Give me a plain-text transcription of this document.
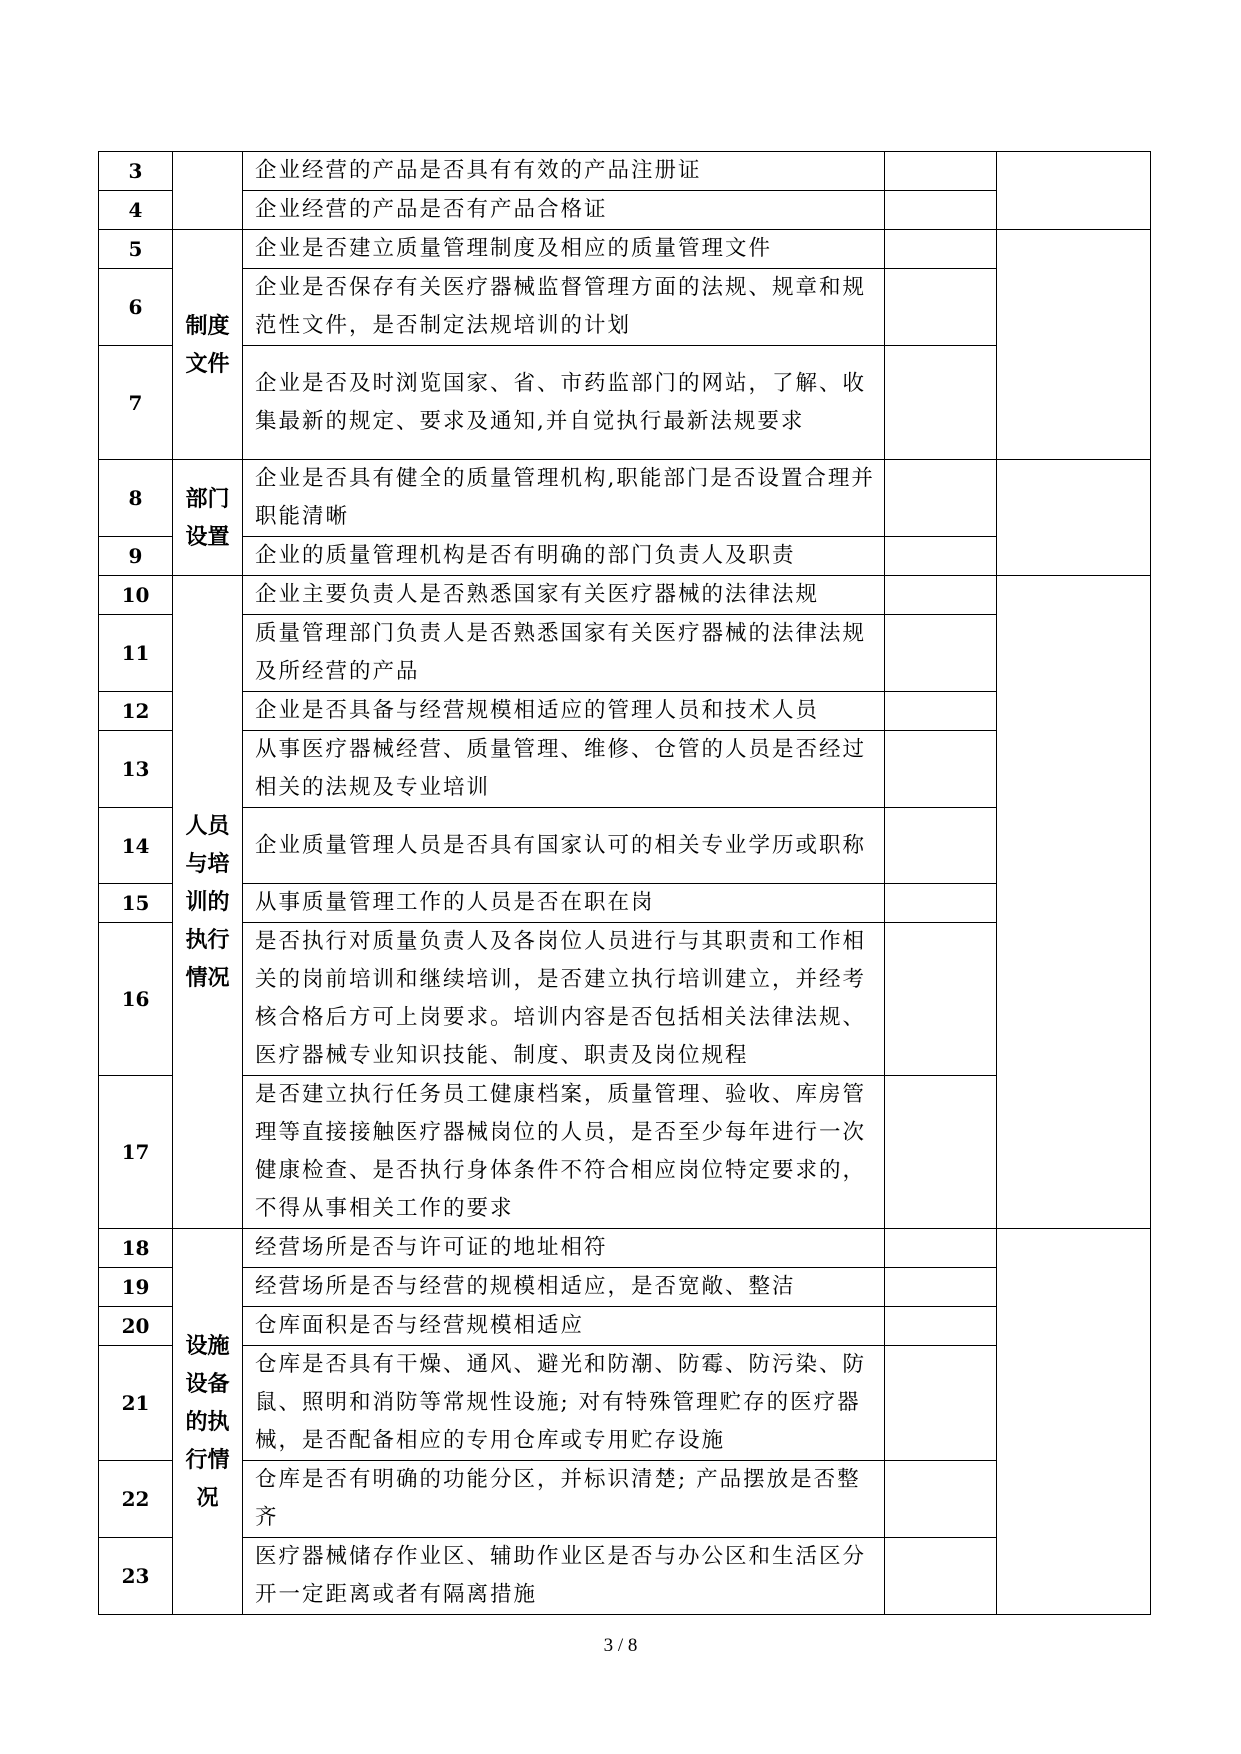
3		企业经营的产品是否具有有效的产品注册证		
4		企业经营的产品是否有产品合格证		
5	制度文件	企业是否建立质量管理制度及相应的质量管理文件		
6		企业是否保存有关医疗器械监督管理方面的法规、规章和规范性文件，是否制定法规培训的计划		
7		企业是否及时浏览国家、省、市药监部门的网站，了解、收集最新的规定、要求及通知,并自觉执行最新法规要求		
8	部门设置	企业是否具有健全的质量管理机构,职能部门是否设置合理并职能清晰		
9		企业的质量管理机构是否有明确的部门负责人及职责		
10	人员与培训的执行情况	企业主要负责人是否熟悉国家有关医疗器械的法律法规		
11		质量管理部门负责人是否熟悉国家有关医疗器械的法律法规及所经营的产品		
12		企业是否具备与经营规模相适应的管理人员和技术人员		
13		从事医疗器械经营、质量管理、维修、仓管的人员是否经过相关的法规及专业培训		
14		企业质量管理人员是否具有国家认可的相关专业学历或职称		
15		从事质量管理工作的人员是否在职在岗		
16		是否执行对质量负责人及各岗位人员进行与其职责和工作相关的岗前培训和继续培训，是否建立执行培训建立，并经考核合格后方可上岗要求。培训内容是否包括相关法律法规、医疗器械专业知识技能、制度、职责及岗位规程		
17		是否建立执行任务员工健康档案，质量管理、验收、库房管理等直接接触医疗器械岗位的人员，是否至少每年进行一次健康检查、是否执行身体条件不符合相应岗位特定要求的，不得从事相关工作的要求		
18	设施设备的执行情况	经营场所是否与许可证的地址相符		
19		经营场所是否与经营的规模相适应，是否宽敞、整洁		
20		仓库面积是否与经营规模相适应		
21		仓库是否具有干燥、通风、避光和防潮、防霉、防污染、防鼠、照明和消防等常规性设施; 对有特殊管理贮存的医疗器械，是否配备相应的专用仓库或专用贮存设施		
22		仓库是否有明确的功能分区，并标识清楚; 产品摆放是否整齐		
23		医疗器械储存作业区、辅助作业区是否与办公区和生活区分开一定距离或者有隔离措施		
3 / 8
